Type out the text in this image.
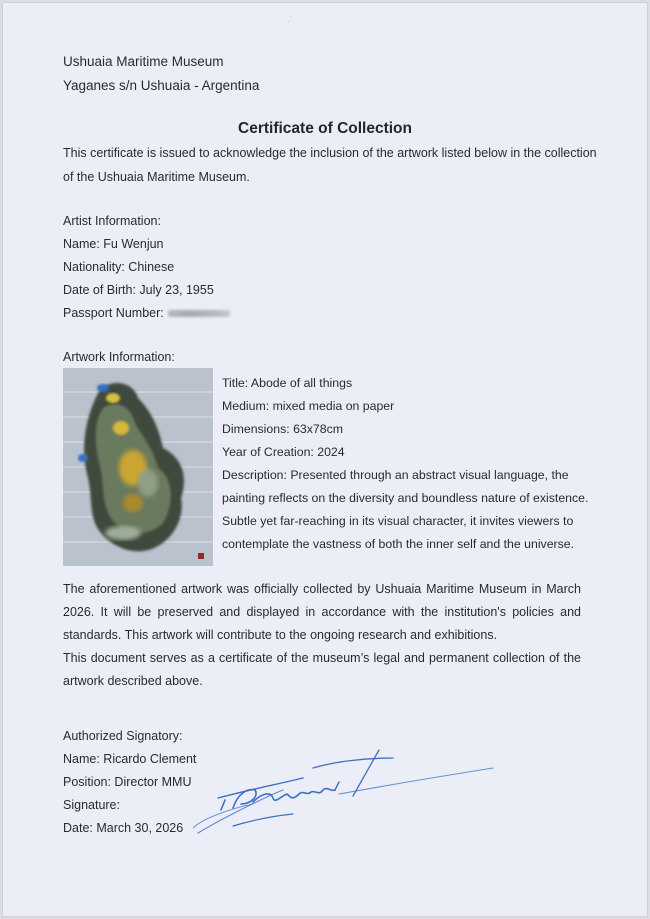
‚‘
Ushuaia Maritime Museum
Yaganes s/n Ushuaia - Argentina
Certificate of Collection
This certificate is issued to acknowledge the inclusion of the artwork listed below in the collection
of the Ushuaia Maritime Museum.
Artist Information:
Name: Fu Wenjun
Nationality: Chinese
Date of Birth: July 23, 1955
Passport Number:
Artwork Information:
Title: Abode of all things
Medium: mixed media on paper
Dimensions: 63x78cm
Year of Creation: 2024
Description: Presented through an abstract visual language, the
painting reflects on the diversity and boundless nature of existence.
Subtle yet far-reaching in its visual character, it invites viewers to
contemplate the vastness of both the inner self and the universe.
The aforementioned artwork was officially collected by Ushuaia Maritime Museum in March
2026. It will be preserved and displayed in accordance with the institution's policies and
standards. This artwork will contribute to the ongoing research and exhibitions.
This document serves as a certificate of the museum’s legal and permanent collection of the
artwork described above.
Authorized Signatory:
Name: Ricardo Clement
Position: Director MMU
Signature:
Date: March 30, 2026
